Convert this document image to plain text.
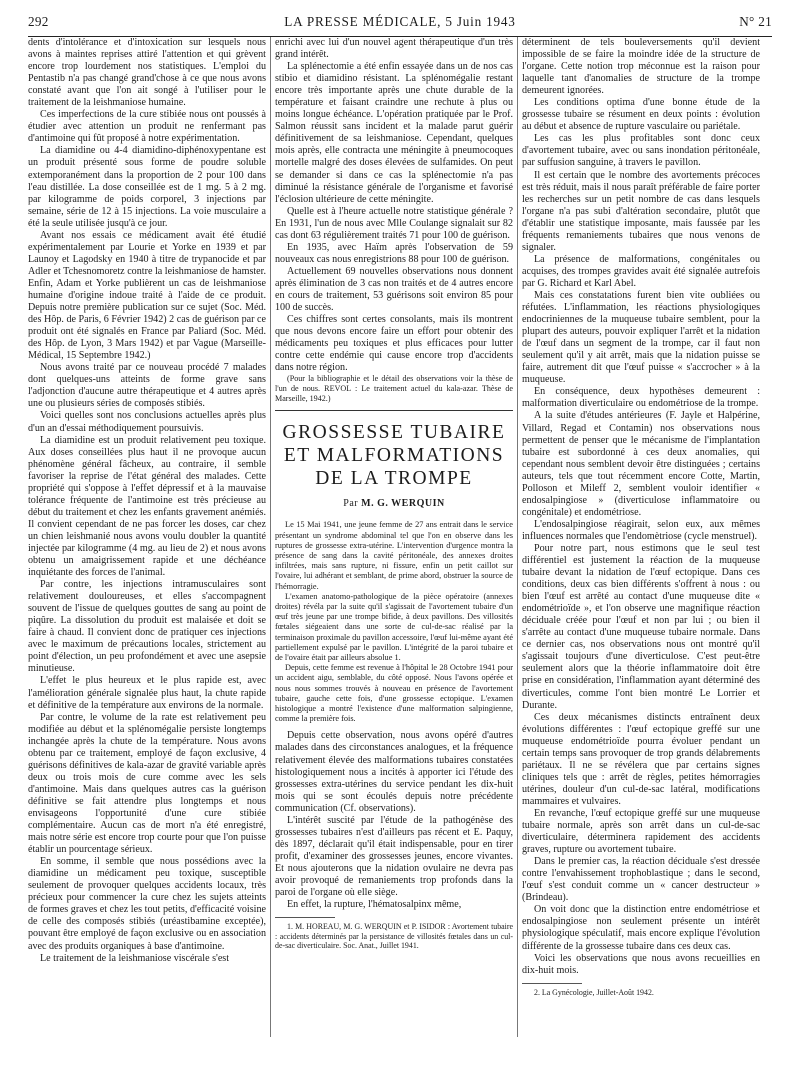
292	LA PRESSE MÉDICALE, 5 Juin 1943	N° 21

dents d'intolérance et d'intoxication sur lesquels nous avons à maintes reprises attiré l'attention et qui grèvent encore trop lourdement nos statistiques. L'emploi du Pentastib n'a pas changé grand'chose à ce que nous avons constaté avant que l'on ait songé à l'utiliser pour le traitement de la leishmaniose humaine.

Ces imperfections de la cure stibiée nous ont poussés à étudier avec attention un produit ne renfermant pas d'antimoine qui fût proposé à notre expérimentation.

La diamidine ou 4-4 diamidino-diphénoxypentane est un produit présenté sous forme de poudre soluble extemporanément dans la proportion de 2 pour 100 dans l'eau distillée. La dose conseillée est de 1 mg. 5 à 2 mg. par kilogramme de poids corporel, 3 injections par semaine, série de 12 à 15 injections. La voie musculaire a été la seule utilisée jusqu'à ce jour.

Avant nos essais ce médicament avait été étudié expérimentalement par Lourie et Yorke en 1939 et par Launoy et Lagodsky en 1940 à titre de trypanocide et par Adler et Tchesnomoretz contre la leishmaniose de hamster. Enfin, Adam et Yorke publièrent un cas de leishmaniose humaine d'origine indoue traité à l'aide de ce produit. Depuis notre première publication sur ce sujet (Soc. Méd. des Hôp. de Paris, 6 Février 1942) 2 cas de guérison par ce produit ont été signalés en France par Paliard (Soc. Méd. des Hôp. de Lyon, 3 Mars 1942) et par Vague (Marseille-Médical, 15 Septembre 1942.)

Nous avons traité par ce nouveau procédé 7 malades dont quelques-uns atteints de forme grave sans l'adjonction d'aucune autre thérapeutique et 4 autres après une ou plusieurs séries de composés stibiés.

Voici quelles sont nos conclusions actuelles après plus d'un an d'essai méthodiquement poursuivis.

La diamidine est un produit relativement peu toxique. Aux doses conseillées plus haut il ne provoque aucun phénomène général fâcheux, au contraire, il semble favoriser la reprise de l'état général des malades. Cette propriété qui s'oppose à l'effet dépressif et à la mauvaise tolérance fréquente de l'antimoine est très précieuse au début du traitement et chez les enfants gravement anémiés. Il convient cependant de ne pas forcer les doses, car chez un chien leishmanié nous avons voulu doubler la quantité injectée par kilogramme (4 mg. au lieu de 2) et nous avons obtenu un amaigrissement rapide et une déchéance inquiétante des forces de l'animal.

Par contre, les injections intramusculaires sont relativement douloureuses, et elles s'accompagnent souvent de l'issue de quelques gouttes de sang au point de piqûre. La dissolution du produit est malaisée et doit se faire à chaud. Il convient donc de pratiquer ces injections avec le maximum de précautions locales, strictement au point d'élection, un peu profondément et avec une asepsie minutieuse.

L'effet le plus heureux et le plus rapide est, avec l'amélioration générale signalée plus haut, la chute rapide et définitive de la température aux environs de la normale.

Par contre, le volume de la rate est relativement peu modifiée au début et la splénomégalie persiste longtemps inchangée après la chute de la température. Nous avons obtenu par ce traitement, employé de façon exclusive, 4 guérisons définitives de kala-azar de gravité variable après deux ou trois mois de cure comme avec les sels d'antimoine. Mais dans quelques autres cas la guérison définitive se fait attendre plus longtemps et nous envisageons l'opportunité d'une cure stibiée complémentaire. Aucun cas de mort n'a été enregistré, mais notre série est encore trop courte pour que l'on puisse établir un pourcentage sérieux.

En somme, il semble que nous possédions avec la diamidine un médicament peu toxique, susceptible seulement de provoquer quelques accidents locaux, très précieux pour commencer la cure chez les sujets atteints de formes graves et chez les tout petits, d'efficacité voisine de celle des composés stibiés (uréastibamine exceptée), pouvant être employé de façon exclusive ou en association avec des produits organiques à base d'antimoine.

Le traitement de la leishmaniose viscérale s'est

enrichi avec lui d'un nouvel agent thérapeutique d'un très grand intérêt.

La splénectomie a été enfin essayée dans un de nos cas stibio et diamidino résistant. La splénomégalie restant encore très importante après une chute durable de la température et faisant craindre une rechute à plus ou moins longue échéance. L'opération pratiquée par le Prof. Salmon réussit sans incident et la malade parut guérir définitivement de sa leishmaniose. Cependant, quelques mois après, elle contracta une méningite à pneumocoques mortelle malgré des doses élevées de sulfamides. On peut se demander si dans ce cas la splénectomie n'a pas diminué la résistance générale de l'organisme et favorisé l'éclosion ultérieure de cette méningite.

Quelle est à l'heure actuelle notre statistique générale ? En 1931, l'un de nous avec Mlle Coulange signalait sur 82 cas dont 63 régulièrement traités 71 pour 100 de guérison.

En 1935, avec Haïm après l'observation de 59 nouveaux cas nous enregistrions 88 pour 100 de guérison.

Actuellement 69 nouvelles observations nous donnent après élimination de 3 cas non traités et de 4 autres encore en cours de traitement, 53 guérisons soit environ 85 pour 100 de succès.

Ces chiffres sont certes consolants, mais ils montrent que nous devons encore faire un effort pour obtenir des médicaments peu toxiques et plus efficaces pour lutter contre cette endémie qui cause encore trop d'accidents dans notre région.

(Pour la bibliographie et le détail des observations voir la thèse de l'un de nous. REVOL : Le traitement actuel du kala-azar. Thèse de Marseille, 1942.)

GROSSESSE TUBAIRE
ET MALFORMATIONS
DE LA TROMPE
Par M. G. WERQUIN

Le 15 Mai 1941, une jeune femme de 27 ans entrait dans le service présentant un syndrome abdominal tel que l'on en observe dans les ruptures de grossesse extra-utérine. L'intervention d'urgence montra la présence de sang dans la cavité péritonéale, des annexes droites infiltrées, mais sans rupture, ni fissure, enfin un petit caillot sur l'ovaire, lui adhérant et semblant, de prime abord, obstruer la source de l'hémorragie.

L'examen anatomo-pathologique de la pièce opératoire (annexes droites) révéla par la suite qu'il s'agissait de l'avortement tubaire d'un œuf très jeune par une trompe bifide, à deux pavillons. Des villosités fœtales siégeaient dans une sorte de cul-de-sac réalisé par la terminaison proximale du pavillon accessoire, l'œuf lui-même ayant été partiellement expulsé par le pavillon. L'intégrité de la paroi tubaire et de l'ovaire était par ailleurs absolue 1.

Depuis, cette femme est revenue à l'hôpital le 28 Octobre 1941 pour un accident aigu, semblable, du côté opposé. Nous l'avons opérée et nous nous sommes trouvés à nouveau en présence de l'avortement tubaire, gauche cette fois, d'une grossesse ectopique. L'examen histologique a montré l'existence d'une malformation salpingienne, comme la première fois.

Depuis cette observation, nous avons opéré d'autres malades dans des circonstances analogues, et la fréquence relativement élevée des malformations tubaires constatées histologiquement nous a incités à apporter ici l'étude des grossesses extra-utérines du service pendant les dix-huit mois qui se sont écoulés depuis notre précédente communication (Cf. observations).

L'intérêt suscité par l'étude de la pathogénèse des grossesses tubaires n'est d'ailleurs pas récent et E. Paquy, dès 1897, déclarait qu'il était indispensable, pour en tirer profit, d'examiner des grossesses jeunes, encore vivantes. Et nous ajouterons que la nidation ovulaire ne devra pas avoir provoqué de remaniements trop profonds dans la paroi de l'organe où elle siège.

En effet, la rupture, l'hématosalpinx même,

1. M. HOREAU, M. G. WERQUIN et P. ISIDOR : Avortement tubaire : accidents déterminés par la persistance de villosités fœtales dans un cul-de-sac diverticulaire. Soc. Anat., Juillet 1941.

déterminent de tels bouleversements qu'il devient impossible de se faire la moindre idée de la structure de l'organe. Cette notion trop méconnue est la raison pour laquelle tant d'anomalies de structure de la trompe demeurent ignorées.

Les conditions optima d'une bonne étude de la grossesse tubaire se résument en deux points : évolution au début et absence de rupture vasculaire ou pariétale.

Les cas les plus profitables sont donc ceux d'avortement tubaire, avec ou sans inondation péritonéale, par suffusion sanguine, à travers le pavillon.

Il est certain que le nombre des avortements précoces est très réduit, mais il nous paraît préférable de faire porter les recherches sur un petit nombre de cas dans lesquels l'organe n'a pas subi d'altération secondaire, plutôt que d'établir une statistique imposante, mais faussée par les fréquents remaniements tubaires que nous venons de signaler.

La présence de malformations, congénitales ou acquises, des trompes gravides avait été signalée autrefois par G. Richard et Karl Abel.

Mais ces constatations furent bien vite oubliées ou réfutées. L'inflammation, les réactions physiologiques endocriniennes de la muqueuse tubaire semblent, pour la plupart des auteurs, pouvoir expliquer l'arrêt et la nidation de l'œuf dans un segment de la trompe, car il faut non seulement qu'il y ait arrêt, mais que la nidation puisse se faire, autrement dit que l'œuf puisse « s'accrocher » à la muqueuse.

En conséquence, deux hypothèses demeurent : malformation diverticulaire ou endométriose de la trompe.

A la suite d'études antérieures (F. Jayle et Halpérine, Villard, Regad et Contamin) nos observations nous permettent de penser que le mécanisme de l'implantation tubaire est subordonné à ces deux anomalies, qui cependant nous semblent devoir être distinguées ; certains auteurs, tels que tout récemment encore Cotte, Martin, Polloson et Mileff 2, semblent vouloir identifier « endosalpingiose » (diverticulose inflammatoire ou congénitale) et endométriose.

L'endosalpingiose réagirait, selon eux, aux mêmes influences normales que l'endomètriose (cycle menstruel).

Pour notre part, nous estimons que le seul test différentiel est justement la réaction de la muqueuse tubaire devant la nidation de l'œuf ectopique. Dans ces conditions, deux cas bien différents s'offrent à nous : ou bien l'œuf est arrêté au contact d'une muqueuse dite « endométrioïde », et l'on observe une magnifique réaction déciduale créée pour l'œuf et non par lui ; ou bien il s'arrête au contact d'une muqueuse tubaire normale. Dans ce dernier cas, nos observations nous ont montré qu'il s'agissait toujours d'une diverticulose. C'est peut-être seulement alors que la théorie inflammatoire doit être prise en considération, l'inflammation ayant déterminé des diverticules, comme l'ont bien montré Le Lorrier et Durante.

Ces deux mécanismes distincts entraînent deux évolutions différentes : l'œuf ectopique greffé sur une muqueuse endométrioïde pourra évoluer pendant un certain temps sans provoquer de trop grands délabrements pariétaux. Il ne se révélera que par certains signes cliniques tels que : arrêt de règles, petites hémorragies utérines, douleur d'un cul-de-sac latéral, modifications mammaires et vulvaires.

En revanche, l'œuf ectopique greffé sur une muqueuse tubaire normale, après son arrêt dans un cul-de-sac diverticulaire, déterminera rapidement des accidents graves, rupture ou avortement tubaire.

Dans le premier cas, la réaction déciduale s'est dressée contre l'envahissement trophoblastique ; dans le second, l'œuf s'est conduit comme un « cancer destructeur » (Brindeau).

On voit donc que la distinction entre endométriose et endosalpingiose non seulement présente un intérêt physiologique spéculatif, mais encore explique l'évolution différente de la grossesse tubaire dans ces deux cas.

Voici les observations que nous avons recueillies en dix-huit mois.

2. La Gynécologie, Juillet-Août 1942.
